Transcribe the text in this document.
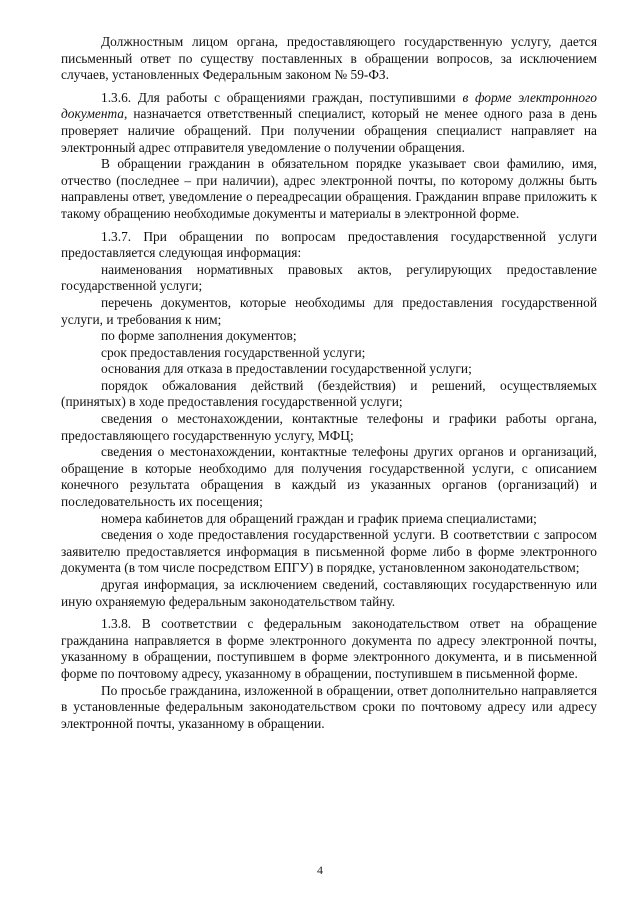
Должностным лицом органа, предоставляющего государственную услугу, дается письменный ответ по существу поставленных в обращении вопросов, за исключением случаев, установленных Федеральным законом № 59-ФЗ.

1.3.6. Для работы с обращениями граждан, поступившими в форме электронного документа, назначается ответственный специалист, который не менее одного раза в день проверяет наличие обращений. При получении обращения специалист направляет на электронный адрес отправителя уведомление о получении обращения.

В обращении гражданин в обязательном порядке указывает свои фамилию, имя, отчество (последнее – при наличии), адрес электронной почты, по которому должны быть направлены ответ, уведомление о переадресации обращения. Гражданин вправе приложить к такому обращению необходимые документы и материалы в электронной форме.

1.3.7. При обращении по вопросам предоставления государственной услуги предоставляется следующая информация:

наименования нормативных правовых актов, регулирующих предоставление государственной услуги;

перечень документов, которые необходимы для предоставления государственной услуги, и требования к ним;

по форме заполнения документов;

срок предоставления государственной услуги;

основания для отказа в предоставлении государственной услуги;

порядок обжалования действий (бездействия) и решений, осуществляемых (принятых) в ходе предоставления государственной услуги;

сведения о местонахождении, контактные телефоны и графики работы органа, предоставляющего государственную услугу, МФЦ;

сведения о местонахождении, контактные телефоны других органов и организаций, обращение в которые необходимо для получения государственной услуги, с описанием конечного результата обращения в каждый из указанных органов (организаций) и последовательность их посещения;

номера кабинетов для обращений граждан и график приема специалистами;

сведения о ходе предоставления государственной услуги. В соответствии с запросом заявителю предоставляется информация в письменной форме либо в форме электронного документа (в том числе посредством ЕПГУ) в порядке, установленном законодательством;

другая информация, за исключением сведений, составляющих государственную или иную охраняемую федеральным законодательством тайну.

1.3.8. В соответствии с федеральным законодательством ответ на обращение гражданина направляется в форме электронного документа по адресу электронной почты, указанному в обращении, поступившем в форме электронного документа, и в письменной форме по почтовому адресу, указанному в обращении, поступившем в письменной форме.

По просьбе гражданина, изложенной в обращении, ответ дополнительно направляется в установленные федеральным законодательством сроки по почтовому адресу или адресу электронной почты, указанному в обращении.

4
